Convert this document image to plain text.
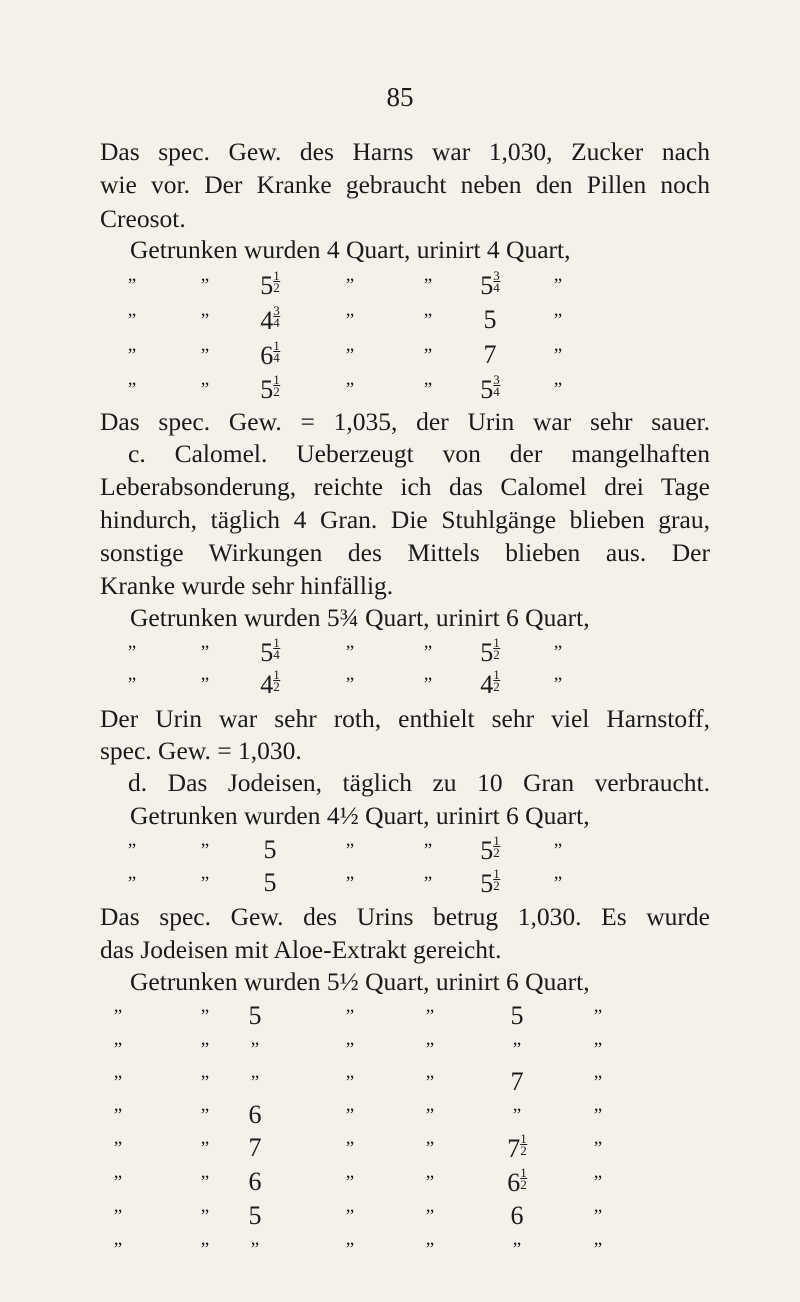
85
Das spec. Gew. des Harns war 1,030, Zucker nach
wie vor. Der Kranke gebraucht neben den Pillen noch
Creosot.
Getrunken wurden 4 Quart, urinirt 4 Quart,
”	” $5 \frac{1}{2}$	”	” $5 \frac{3}{4}$	”
”	” $4 \frac{3}{4}$	”	” 5	”
”	” $6 \frac{1}{4}$	”	” 7	”
”	” $5 \frac{1}{2}$	”	” $5 \frac{3}{4}$	”
Das spec. Gew. = 1,035, der Urin war sehr sauer.
c. Calomel. Ueberzeugt von der mangelhaften
Leberabsonderung, reichte ich das Calomel drei Tage
hindurch, täglich 4 Gran. Die Stuhlgänge blieben grau,
sonstige Wirkungen des Mittels blieben aus. Der
Kranke wurde sehr hinfällig.
Getrunken wurden 5¾ Quart, urinirt 6 Quart,
”	” $5 \frac{1}{4}$	”	” $5 \frac{1}{2}$	”
”	” $4 \frac{1}{2}$	”	” $4 \frac{1}{2}$	”
Der Urin war sehr roth, enthielt sehr viel Harnstoff,
spec. Gew. = 1,030.
d. Das Jodeisen, täglich zu 10 Gran verbraucht.
Getrunken wurden 4½ Quart, urinirt 6 Quart,
”	” 5	”	” $5 \frac{1}{2}$	”
”	” 5	”	” $5 \frac{1}{2}$	”
Das spec. Gew. des Urins betrug 1,030. Es wurde
das Jodeisen mit Aloe-Extrakt gereicht.
Getrunken wurden 5½ Quart, urinirt 6 Quart,
”	” 5	”	”	5	”
”	” ”	”	”	”	”
”	” ”	”	”	7	”
”	” 6	”	”	”	”
”	” 7	”	”	$7 \frac{1}{2}$	”
”	” 6	”	”	$6 \frac{1}{2}$	”
”	” 5	”	”	6	”
”	” ”	”	”	”	”
